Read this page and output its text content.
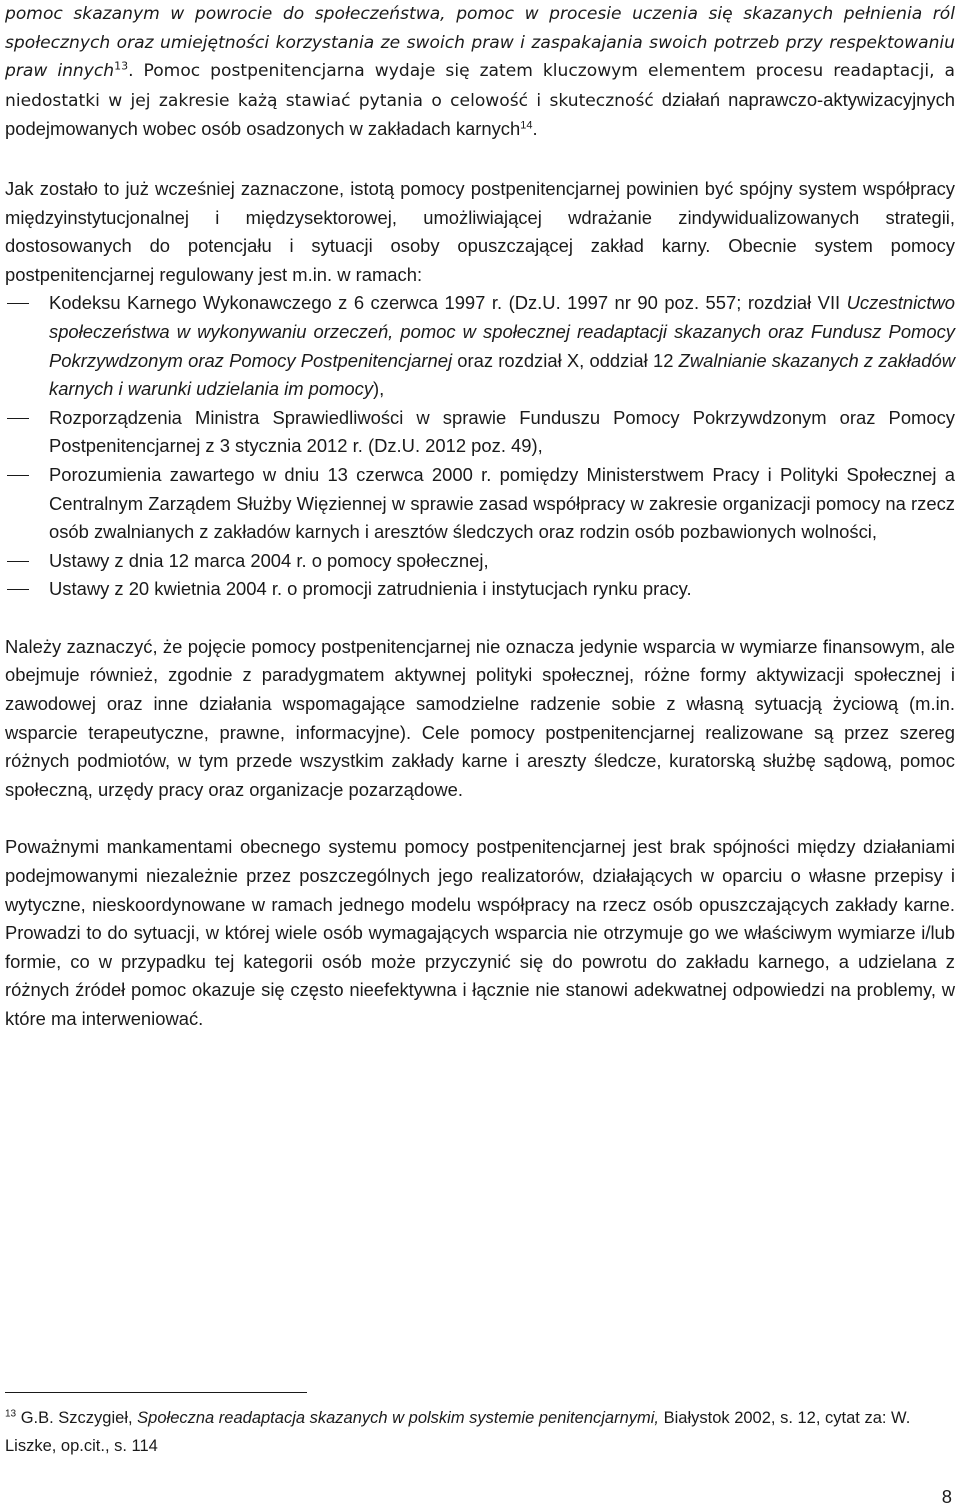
pomoc skazanym w powrocie do społeczeństwa, pomoc w procesie uczenia się skazanych pełnienia ról społecznych oraz umiejętności korzystania ze swoich praw i zaspakajania swoich potrzeb przy respektowaniu praw innych$^{13}$. Pomoc postpenitencjarna wydaje się zatem kluczowym elementem procesu readaptacji, a niedostatki w jej zakresie każą stawiać pytania o celowość i skuteczność działań naprawczo-aktywizacyjnych podejmowanych wobec osób osadzonych w zakładach karnych$^{14}$.

Jak zostało to już wcześniej zaznaczone, istotą pomocy postpenitencjarnej powinien być spójny system współpracy międzyinstytucjonalnej i międzysektorowej, umożliwiającej wdrażanie zindywidualizowanych strategii, dostosowanych do potencjału i sytuacji osoby opuszczającej zakład karny. Obecnie system pomocy postpenitencjarnej regulowany jest m.in. w ramach:

Kodeksu Karnego Wykonawczego z 6 czerwca 1997 r. (Dz.U. 1997 nr 90 poz. 557; rozdział VII Uczestnictwo społeczeństwa w wykonywaniu orzeczeń, pomoc w społecznej readaptacji skazanych oraz Fundusz Pomocy Pokrzywdzonym oraz Pomocy Postpenitencjarnej oraz rozdział X, oddział 12 Zwalnianie skazanych z zakładów karnych i warunki udzielania im pomocy),
Rozporządzenia Ministra Sprawiedliwości w sprawie Funduszu Pomocy Pokrzywdzonym oraz Pomocy Postpenitencjarnej z 3 stycznia 2012 r. (Dz.U. 2012 poz. 49),
Porozumienia zawartego w dniu 13 czerwca 2000 r. pomiędzy Ministerstwem Pracy i Polityki Społecznej a Centralnym Zarządem Służby Więziennej w sprawie zasad współpracy w zakresie organizacji pomocy na rzecz osób zwalnianych z zakładów karnych i aresztów śledczych oraz rodzin osób pozbawionych wolności,
Ustawy z dnia 12 marca 2004 r. o pomocy społecznej,
Ustawy z 20 kwietnia 2004 r. o promocji zatrudnienia i instytucjach rynku pracy.

Należy zaznaczyć, że pojęcie pomocy postpenitencjarnej nie oznacza jedynie wsparcia w wymiarze finansowym, ale obejmuje również, zgodnie z paradygmatem aktywnej polityki społecznej, różne formy aktywizacji społecznej i zawodowej oraz inne działania wspomagające samodzielne radzenie sobie z własną sytuacją życiową (m.in. wsparcie terapeutyczne, prawne, informacyjne). Cele pomocy postpenitencjarnej realizowane są przez szereg różnych podmiotów, w tym przede wszystkim zakłady karne i areszty śledcze, kuratorską służbę sądową, pomoc społeczną, urzędy pracy oraz organizacje pozarządowe.

Poważnymi mankamentami obecnego systemu pomocy postpenitencjarnej jest brak spójności między działaniami podejmowanymi niezależnie przez poszczególnych jego realizatorów, działających w oparciu o własne przepisy i wytyczne, nieskoordynowane w ramach jednego modelu współpracy na rzecz osób opuszczających zakłady karne. Prowadzi to do sytuacji, w której wiele osób wymagających wsparcia nie otrzymuje go we właściwym wymiarze i/lub formie, co w przypadku tej kategorii osób może przyczynić się do powrotu do zakładu karnego, a udzielana z różnych źródeł pomoc okazuje się często nieefektywna i łącznie nie stanowi adekwatnej odpowiedzi na problemy, w które ma interweniować.

$^{13}$ G.B. Szczygieł, Społeczna readaptacja skazanych w polskim systemie penitencjarnymi, Białystok 2002, s. 12, cytat za: W. Liszke, op.cit., s. 114
8
